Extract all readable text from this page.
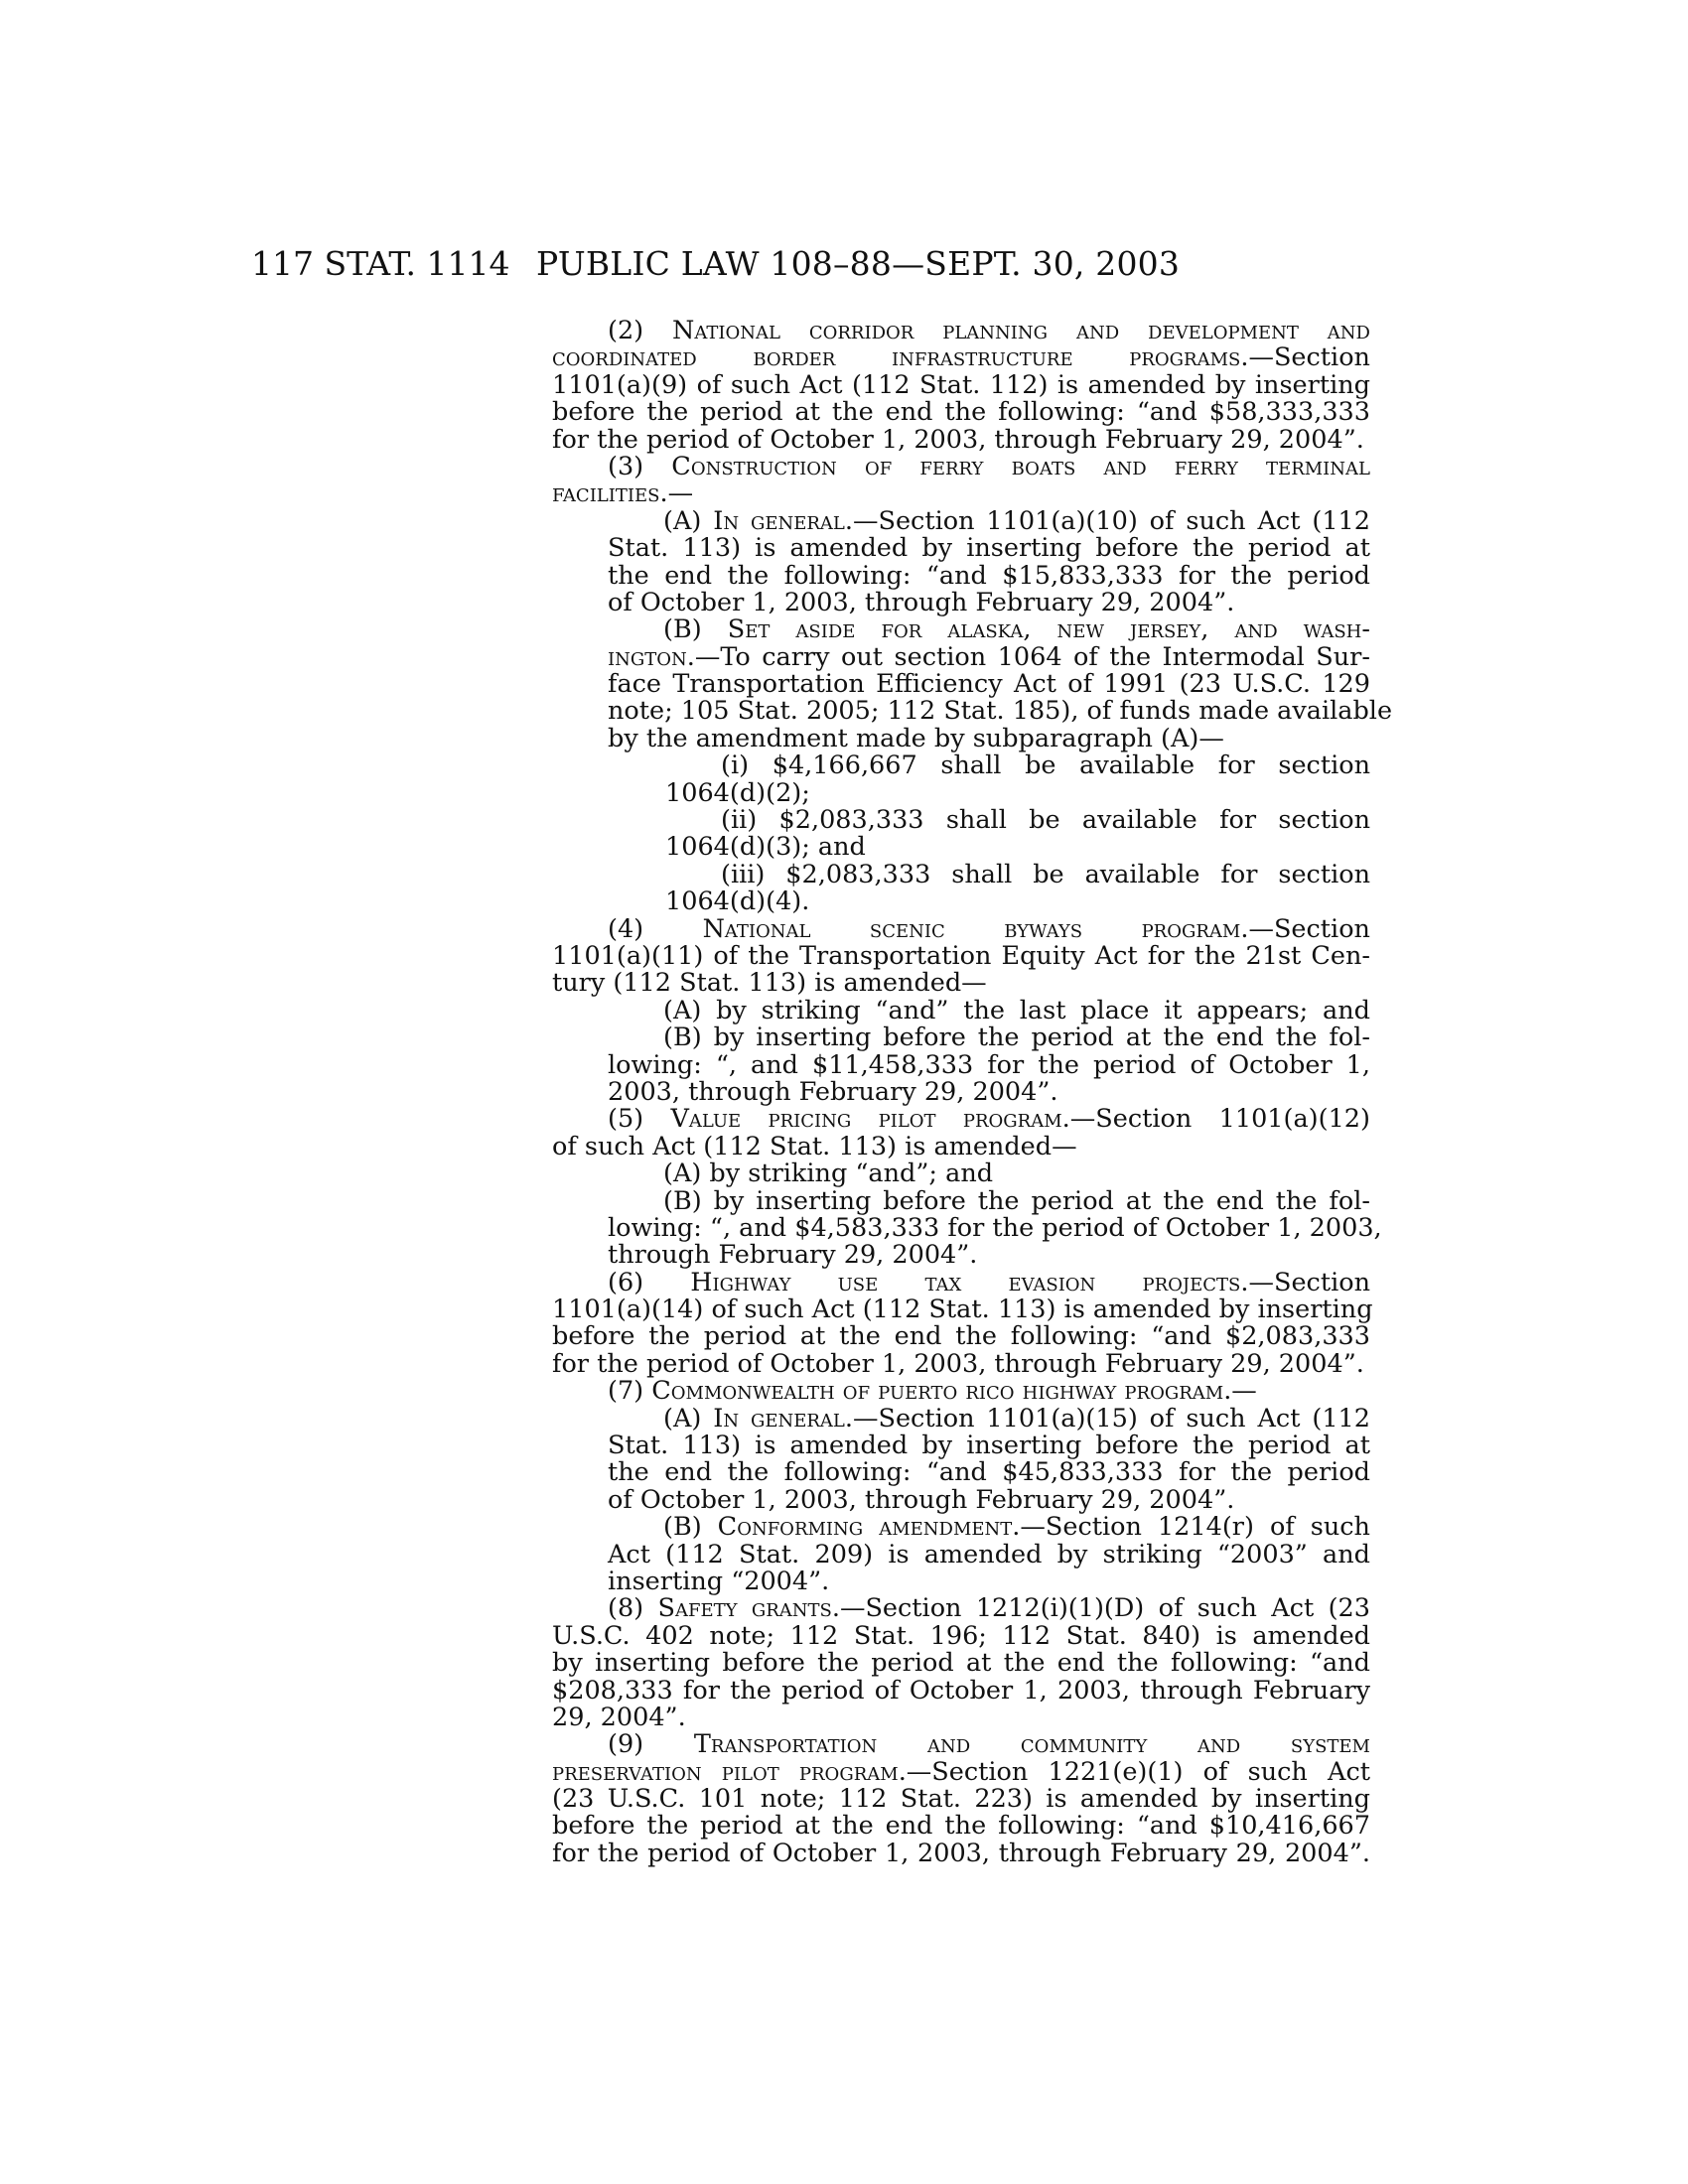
117 STAT. 1114 PUBLIC LAW 108–88—SEPT. 30, 2003
(2) National corridor planning and development and
coordinated border infrastructure programs.—Section
1101(a)(9) of such Act (112 Stat. 112) is amended by inserting
before the period at the end the following: “and $58,333,333
for the period of October 1, 2003, through February 29, 2004”.
(3) Construction of ferry boats and ferry terminal
facilities.—
(A) In general.—Section 1101(a)(10) of such Act (112
Stat. 113) is amended by inserting before the period at
the end the following: “and $15,833,333 for the period
of October 1, 2003, through February 29, 2004”.
(B) Set aside for alaska, new jersey, and wash-
ington.—To carry out section 1064 of the Intermodal Sur-
face Transportation Efficiency Act of 1991 (23 U.S.C. 129
note; 105 Stat. 2005; 112 Stat. 185), of funds made available
by the amendment made by subparagraph (A)—
(i) $4,166,667 shall be available for section
1064(d)(2);
(ii) $2,083,333 shall be available for section
1064(d)(3); and
(iii) $2,083,333 shall be available for section
1064(d)(4).
(4) National scenic byways program.—Section
1101(a)(11) of the Transportation Equity Act for the 21st Cen-
tury (112 Stat. 113) is amended—
(A) by striking “and” the last place it appears; and
(B) by inserting before the period at the end the fol-
lowing: “, and $11,458,333 for the period of October 1,
2003, through February 29, 2004”.
(5) Value pricing pilot program.—Section 1101(a)(12)
of such Act (112 Stat. 113) is amended—
(A) by striking “and”; and
(B) by inserting before the period at the end the fol-
lowing: “, and $4,583,333 for the period of October 1, 2003,
through February 29, 2004”.
(6) Highway use tax evasion projects.—Section
1101(a)(14) of such Act (112 Stat. 113) is amended by inserting
before the period at the end the following: “and $2,083,333
for the period of October 1, 2003, through February 29, 2004”.
(7) Commonwealth of puerto rico highway program.—
(A) In general.—Section 1101(a)(15) of such Act (112
Stat. 113) is amended by inserting before the period at
the end the following: “and $45,833,333 for the period
of October 1, 2003, through February 29, 2004”.
(B) Conforming amendment.—Section 1214(r) of such
Act (112 Stat. 209) is amended by striking “2003” and
inserting “2004”.
(8) Safety grants.—Section 1212(i)(1)(D) of such Act (23
U.S.C. 402 note; 112 Stat. 196; 112 Stat. 840) is amended
by inserting before the period at the end the following: “and
$208,333 for the period of October 1, 2003, through February
29, 2004”.
(9) Transportation and community and system
preservation pilot program.—Section 1221(e)(1) of such Act
(23 U.S.C. 101 note; 112 Stat. 223) is amended by inserting
before the period at the end the following: “and $10,416,667
for the period of October 1, 2003, through February 29, 2004”.
